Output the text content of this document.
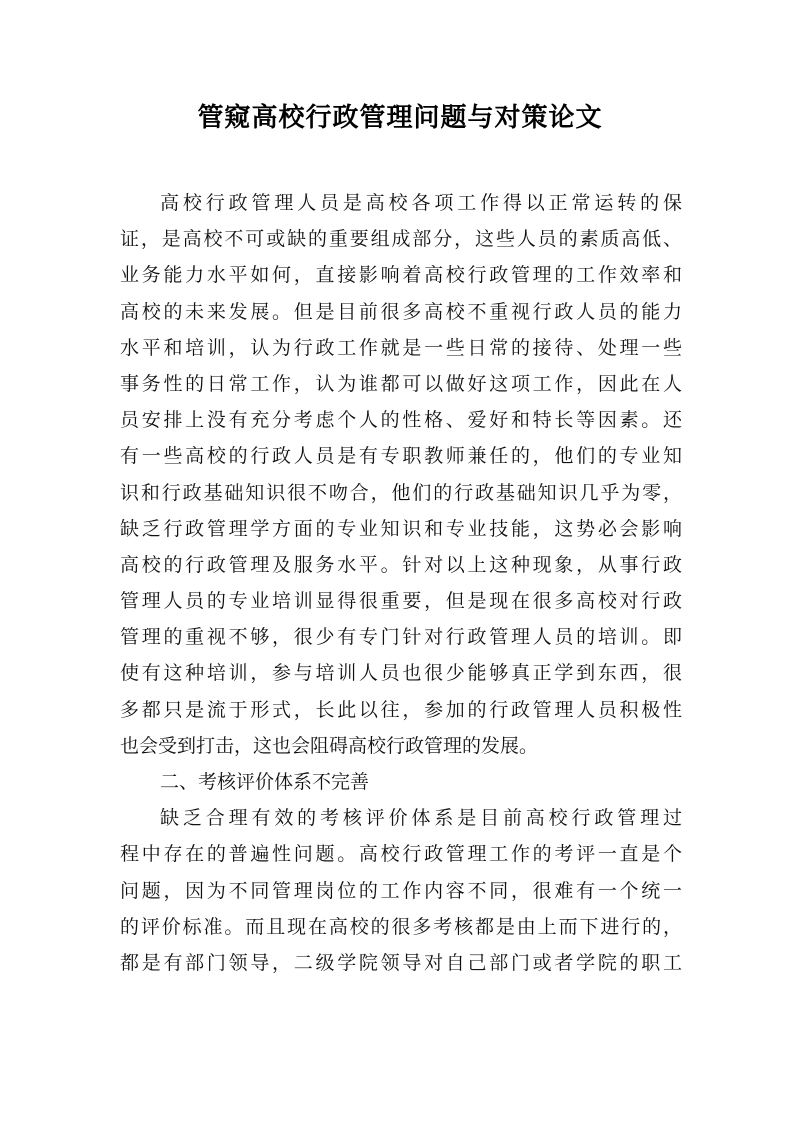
管窥高校行政管理问题与对策论文
高校行政管理人员是高校各项工作得以正常运转的保
证，是高校不可或缺的重要组成部分，这些人员的素质高低、
业务能力水平如何，直接影响着高校行政管理的工作效率和
高校的未来发展。但是目前很多高校不重视行政人员的能力
水平和培训，认为行政工作就是一些日常的接待、处理一些
事务性的日常工作，认为谁都可以做好这项工作，因此在人
员安排上没有充分考虑个人的性格、爱好和特长等因素。还
有一些高校的行政人员是有专职教师兼任的，他们的专业知
识和行政基础知识很不吻合，他们的行政基础知识几乎为零，
缺乏行政管理学方面的专业知识和专业技能，这势必会影响
高校的行政管理及服务水平。针对以上这种现象，从事行政
管理人员的专业培训显得很重要，但是现在很多高校对行政
管理的重视不够，很少有专门针对行政管理人员的培训。即
使有这种培训，参与培训人员也很少能够真正学到东西，很
多都只是流于形式，长此以往，参加的行政管理人员积极性
也会受到打击，这也会阻碍高校行政管理的发展。
二、考核评价体系不完善
缺乏合理有效的考核评价体系是目前高校行政管理过
程中存在的普遍性问题。高校行政管理工作的考评一直是个
问题，因为不同管理岗位的工作内容不同，很难有一个统一
的评价标准。而且现在高校的很多考核都是由上而下进行的，
都是有部门领导，二级学院领导对自己部门或者学院的职工
